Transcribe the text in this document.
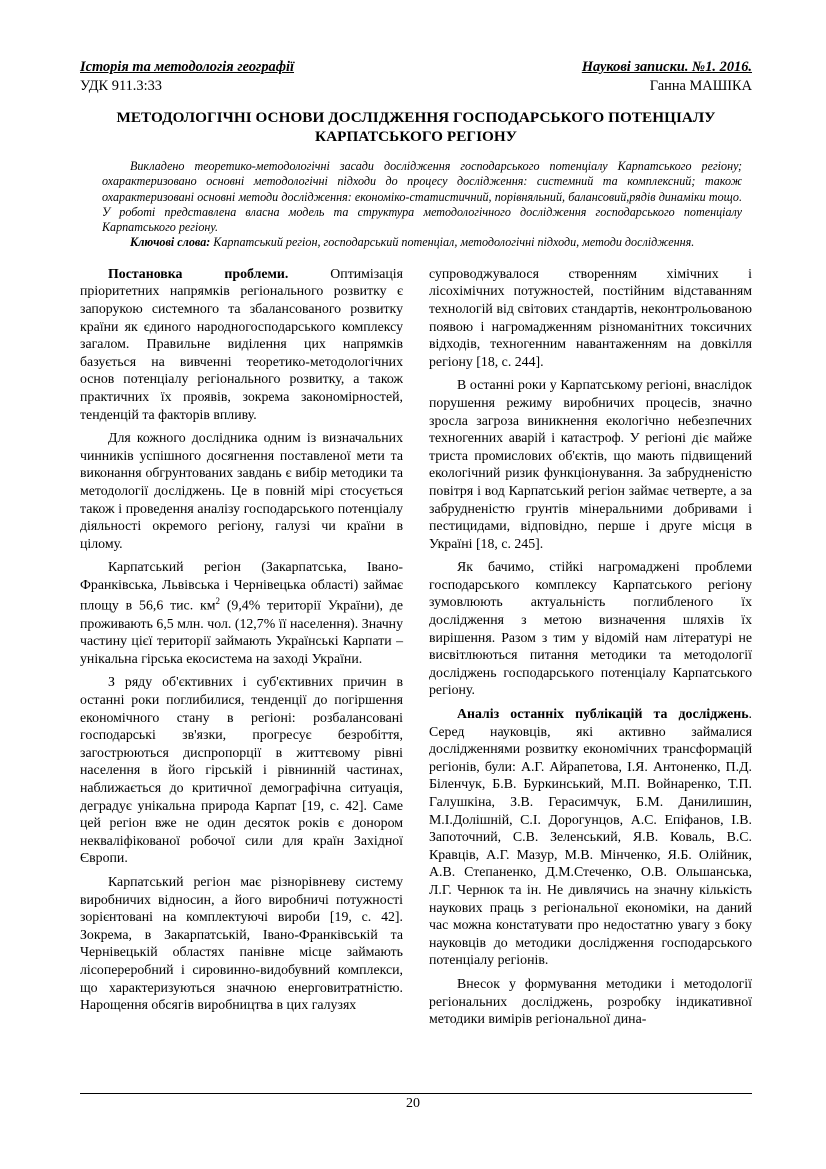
Історія та методологія географії	Наукові записки. №1. 2016.
УДК 911.3:33	Ганна МАШІКА
МЕТОДОЛОГІЧНІ ОСНОВИ ДОСЛІДЖЕННЯ ГОСПОДАРСЬКОГО ПОТЕНЦІАЛУ
КАРПАТСЬКОГО РЕГІОНУ
Викладено теоретико-методологічні засади дослідження господарського потенціалу Карпатського регіону; охарактеризовано основні методологічні підходи до процесу дослідження: системний та комплексний; також охарактеризовані основні методи дослідження: економіко-статистичний, порівняльний, балансовий,рядів динаміки тощо. У роботі представлена власна модель та структура методологічного дослідження господарського потенціалу Карпатського регіону.
Ключові слова: Карпатський регіон, господарський потенціал, методологічні підходи, методи дослідження.

Постановка проблеми. Оптимізація пріоритетних напрямків регіонального розвитку є запорукою системного та збалансованого розвитку країни як єдиного народногосподарського комплексу загалом. Правильне виділення цих напрямків базується на вивченні теоретико-методологічних основ потенціалу регіонального розвитку, а також практичних їх проявів, зокрема закономірностей, тенденцій та факторів впливу.

Для кожного дослідника одним із визначальних чинників успішного досягнення поставленої мети та виконання обгрунтованих завдань є вибір методики та методології досліджень. Це в повній мірі стосується також і проведення аналізу господарського потенціалу діяльності окремого регіону, галузі чи країни в цілому.

Карпатський регіон (Закарпатська, Івано-Франківська, Львівська і Чернівецька області) займає площу в 56,6 тис. $км^2$ (9,4% території України), де проживають 6,5 млн. чол. (12,7% її населення). Значну частину цієї території займають Українські Карпати – унікальна гірська екосистема на заході України.

З ряду об'єктивних і суб'єктивних причин в останні роки поглибилися, тенденції до погіршення економічного стану в регіоні: розбалансовані господарські зв'язки, прогресує безробіття, загострюються диспропорції в життєвому рівні населення в його гірській і рівнинній частинах, наближається до критичної демографічна ситуація, деградує унікальна природа Карпат [19, с. 42]. Саме цей регіон вже не один десяток років є донором некваліфікованої робочої сили для країн Західної Європи.

Карпатський регіон має різнорівневу систему виробничих відносин, а його виробничі потужності зорієнтовані на комплектуючі вироби [19, с. 42]. Зокрема, в Закарпатській, Івано-Франківській та Чернівецькій областях панівне місце займають лісопереробний і сировинно-видобувний комплекси, що характеризуються значною енерговитратністю. Нарощення обсягів виробництва в цих галузях

супроводжувалося створенням хімічних і лісохімічних потужностей, постійним відставанням технологій від світових стандартів, неконтрольованою появою і нагромадженням різноманітних токсичних відходів, техногенним навантаженням на довкілля регіону [18, с. 244].

В останні роки у Карпатському регіоні, внаслідок порушення режиму виробничих процесів, значно зросла загроза виникнення екологічно небезпечних техногенних аварій і катастроф. У регіоні діє майже триста промислових об'єктів, що мають підвищений екологічний ризик функціонування. За забрудненістю повітря і вод Карпатський регіон займає четверте, а за забрудненістю грунтів мінеральними добривами і пестицидами, відповідно, перше і друге місця в Україні [18, с. 245].

Як бачимо, стійкі нагромаджені проблеми господарського комплексу Карпатського регіону зумовлюють актуальність поглибленого їх дослідження з метою визначення шляхів їх вирішення. Разом з тим у відомій нам літературі не висвітлюються питання методики та методології досліджень господарського потенціалу Карпатського регіону.

Аналіз останніх публікацій та досліджень. Серед науковців, які активно займалися дослідженнями розвитку економічних трансформацій регіонів, були: А.Г. Айрапетова, І.Я. Антоненко, П.Д. Біленчук, Б.В. Буркинський, М.П. Войнаренко, Т.П. Галушкіна, З.В. Герасимчук, Б.М. Данилишин, М.І.Долішній, С.І. Дорогунцов, А.С. Епіфанов, І.В. Запоточний, С.В. Зеленський, Я.В. Коваль, В.С. Кравців, А.Г. Мазур, М.В. Мінченко, Я.Б. Олійник, А.В. Степаненко, Д.М.Стеченко, О.В. Ольшанська, Л.Г. Чернюк та ін. Не дивлячись на значну кількість наукових праць з регіональної економіки, на даний час можна констатувати про недостатню увагу з боку науковців до методики дослідження господарського потенціалу регіонів.

Внесок у формування методики і методології регіональних досліджень, розробку індикативної методики вимірів регіональної дина-

20
